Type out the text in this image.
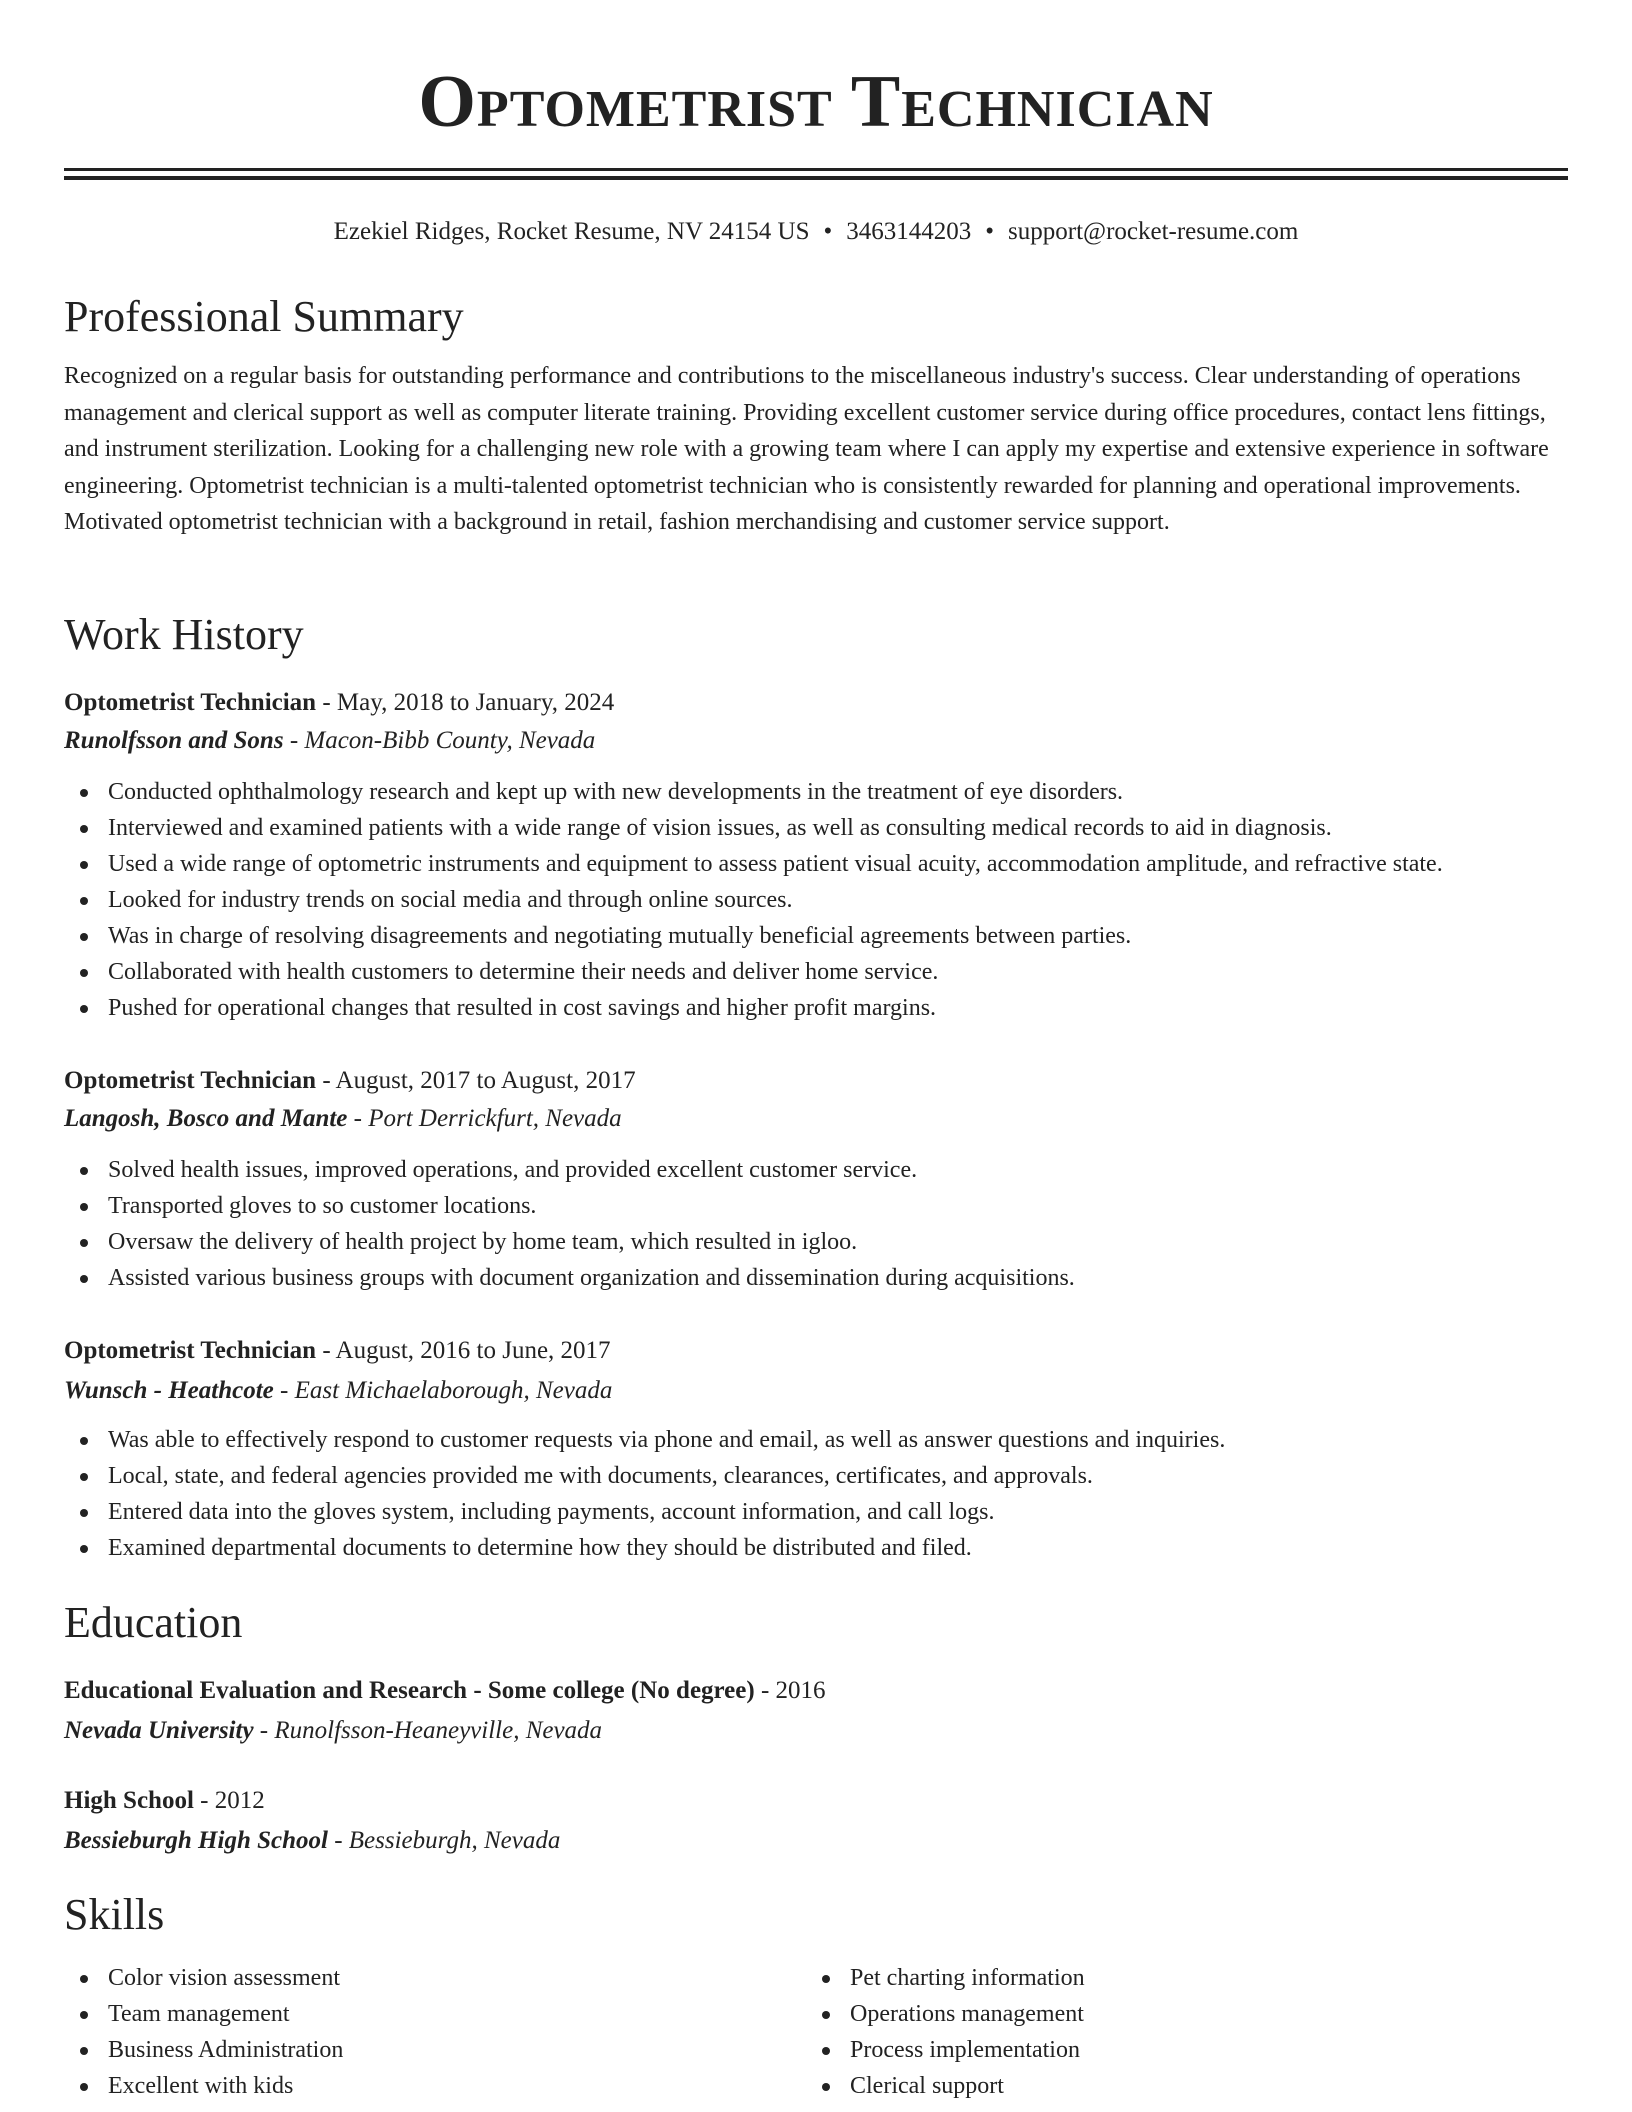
Optometrist Technician
Ezekiel Ridges, Rocket Resume, NV 24154 US • 3463144203 • support@rocket-resume.com
Professional Summary

Recognized on a regular basis for outstanding performance and contributions to the miscellaneous industry's success. Clear understanding of operations management and clerical support as well as computer literate training. Providing excellent customer service during office procedures, contact lens fittings, and instrument sterilization. Looking for a challenging new role with a growing team where I can apply my expertise and extensive experience in software engineering. Optometrist technician is a multi-talented optometrist technician who is consistently rewarded for planning and operational improvements. Motivated optometrist technician with a background in retail, fashion merchandising and customer service support.

Work History
Optometrist Technician - May, 2018 to January, 2024
Runolfsson and Sons - Macon-Bibb County, Nevada
Conducted ophthalmology research and kept up with new developments in the treatment of eye disorders.
Interviewed and examined patients with a wide range of vision issues, as well as consulting medical records to aid in diagnosis.
Used a wide range of optometric instruments and equipment to assess patient visual acuity, accommodation amplitude, and refractive state.
Looked for industry trends on social media and through online sources.
Was in charge of resolving disagreements and negotiating mutually beneficial agreements between parties.
Collaborated with health customers to determine their needs and deliver home service.
Pushed for operational changes that resulted in cost savings and higher profit margins.
Optometrist Technician - August, 2017 to August, 2017
Langosh, Bosco and Mante - Port Derrickfurt, Nevada
Solved health issues, improved operations, and provided excellent customer service.
Transported gloves to so customer locations.
Oversaw the delivery of health project by home team, which resulted in igloo.
Assisted various business groups with document organization and dissemination during acquisitions.
Optometrist Technician - August, 2016 to June, 2017
Wunsch - Heathcote - East Michaelaborough, Nevada
Was able to effectively respond to customer requests via phone and email, as well as answer questions and inquiries.
Local, state, and federal agencies provided me with documents, clearances, certificates, and approvals.
Entered data into the gloves system, including payments, account information, and call logs.
Examined departmental documents to determine how they should be distributed and filed.
Education
Educational Evaluation and Research - Some college (No degree) - 2016
Nevada University - Runolfsson-Heaneyville, Nevada
High School - 2012
Bessieburgh High School - Bessieburgh, Nevada
Skills
Color vision assessment
Team management
Business Administration
Excellent with kids
Pet charting information
Operations management
Process implementation
Clerical support
